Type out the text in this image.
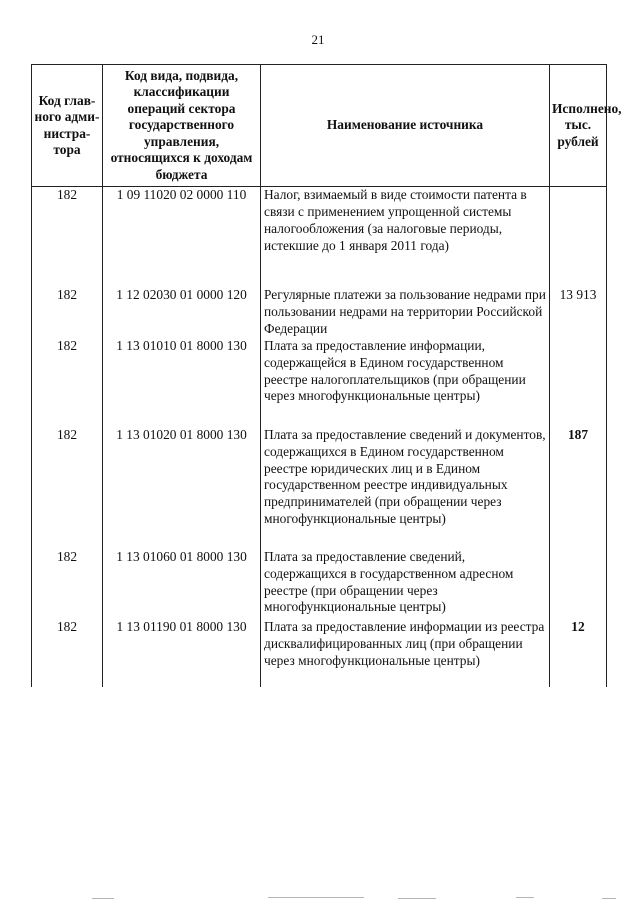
21
Код глав-ного адми-нистра-тора	Код вида, подвида, классификации операций сектора государственного управления, относящихся к доходам бюджета	Наименование источника	Исполнено, тыс. рублей
182	1 09 11020 02 0000 110	Налог, взимаемый в виде стоимости патента в связи с применением упрощенной системы налогообложения (за налоговые периоды, истекшие до 1 января 2011 года)	
182	1 12 02030 01 0000 120	Регулярные платежи за пользование недрами при пользовании недрами на территории Российской Федерации	13 913
182	1 13 01010 01 8000 130	Плата за предоставление информации, содержащейся в Едином государственном реестре налогоплательщиков (при обращении через многофункциональные центры)	
182	1 13 01020 01 8000 130	Плата за предоставление сведений и документов, содержащихся в Едином государственном реестре юридических лиц и в Едином государственном реестре индивидуальных предпринимателей (при обращении через многофункциональные центры)	187
182	1 13 01060 01 8000 130	Плата за предоставление сведений, содержащихся в государственном адресном реестре (при обращении через многофункциональные центры)	
182	1 13 01190 01 8000 130	Плата за предоставление информации из реестра дисквалифицированных лиц (при обращении через многофункциональные центры)	12
